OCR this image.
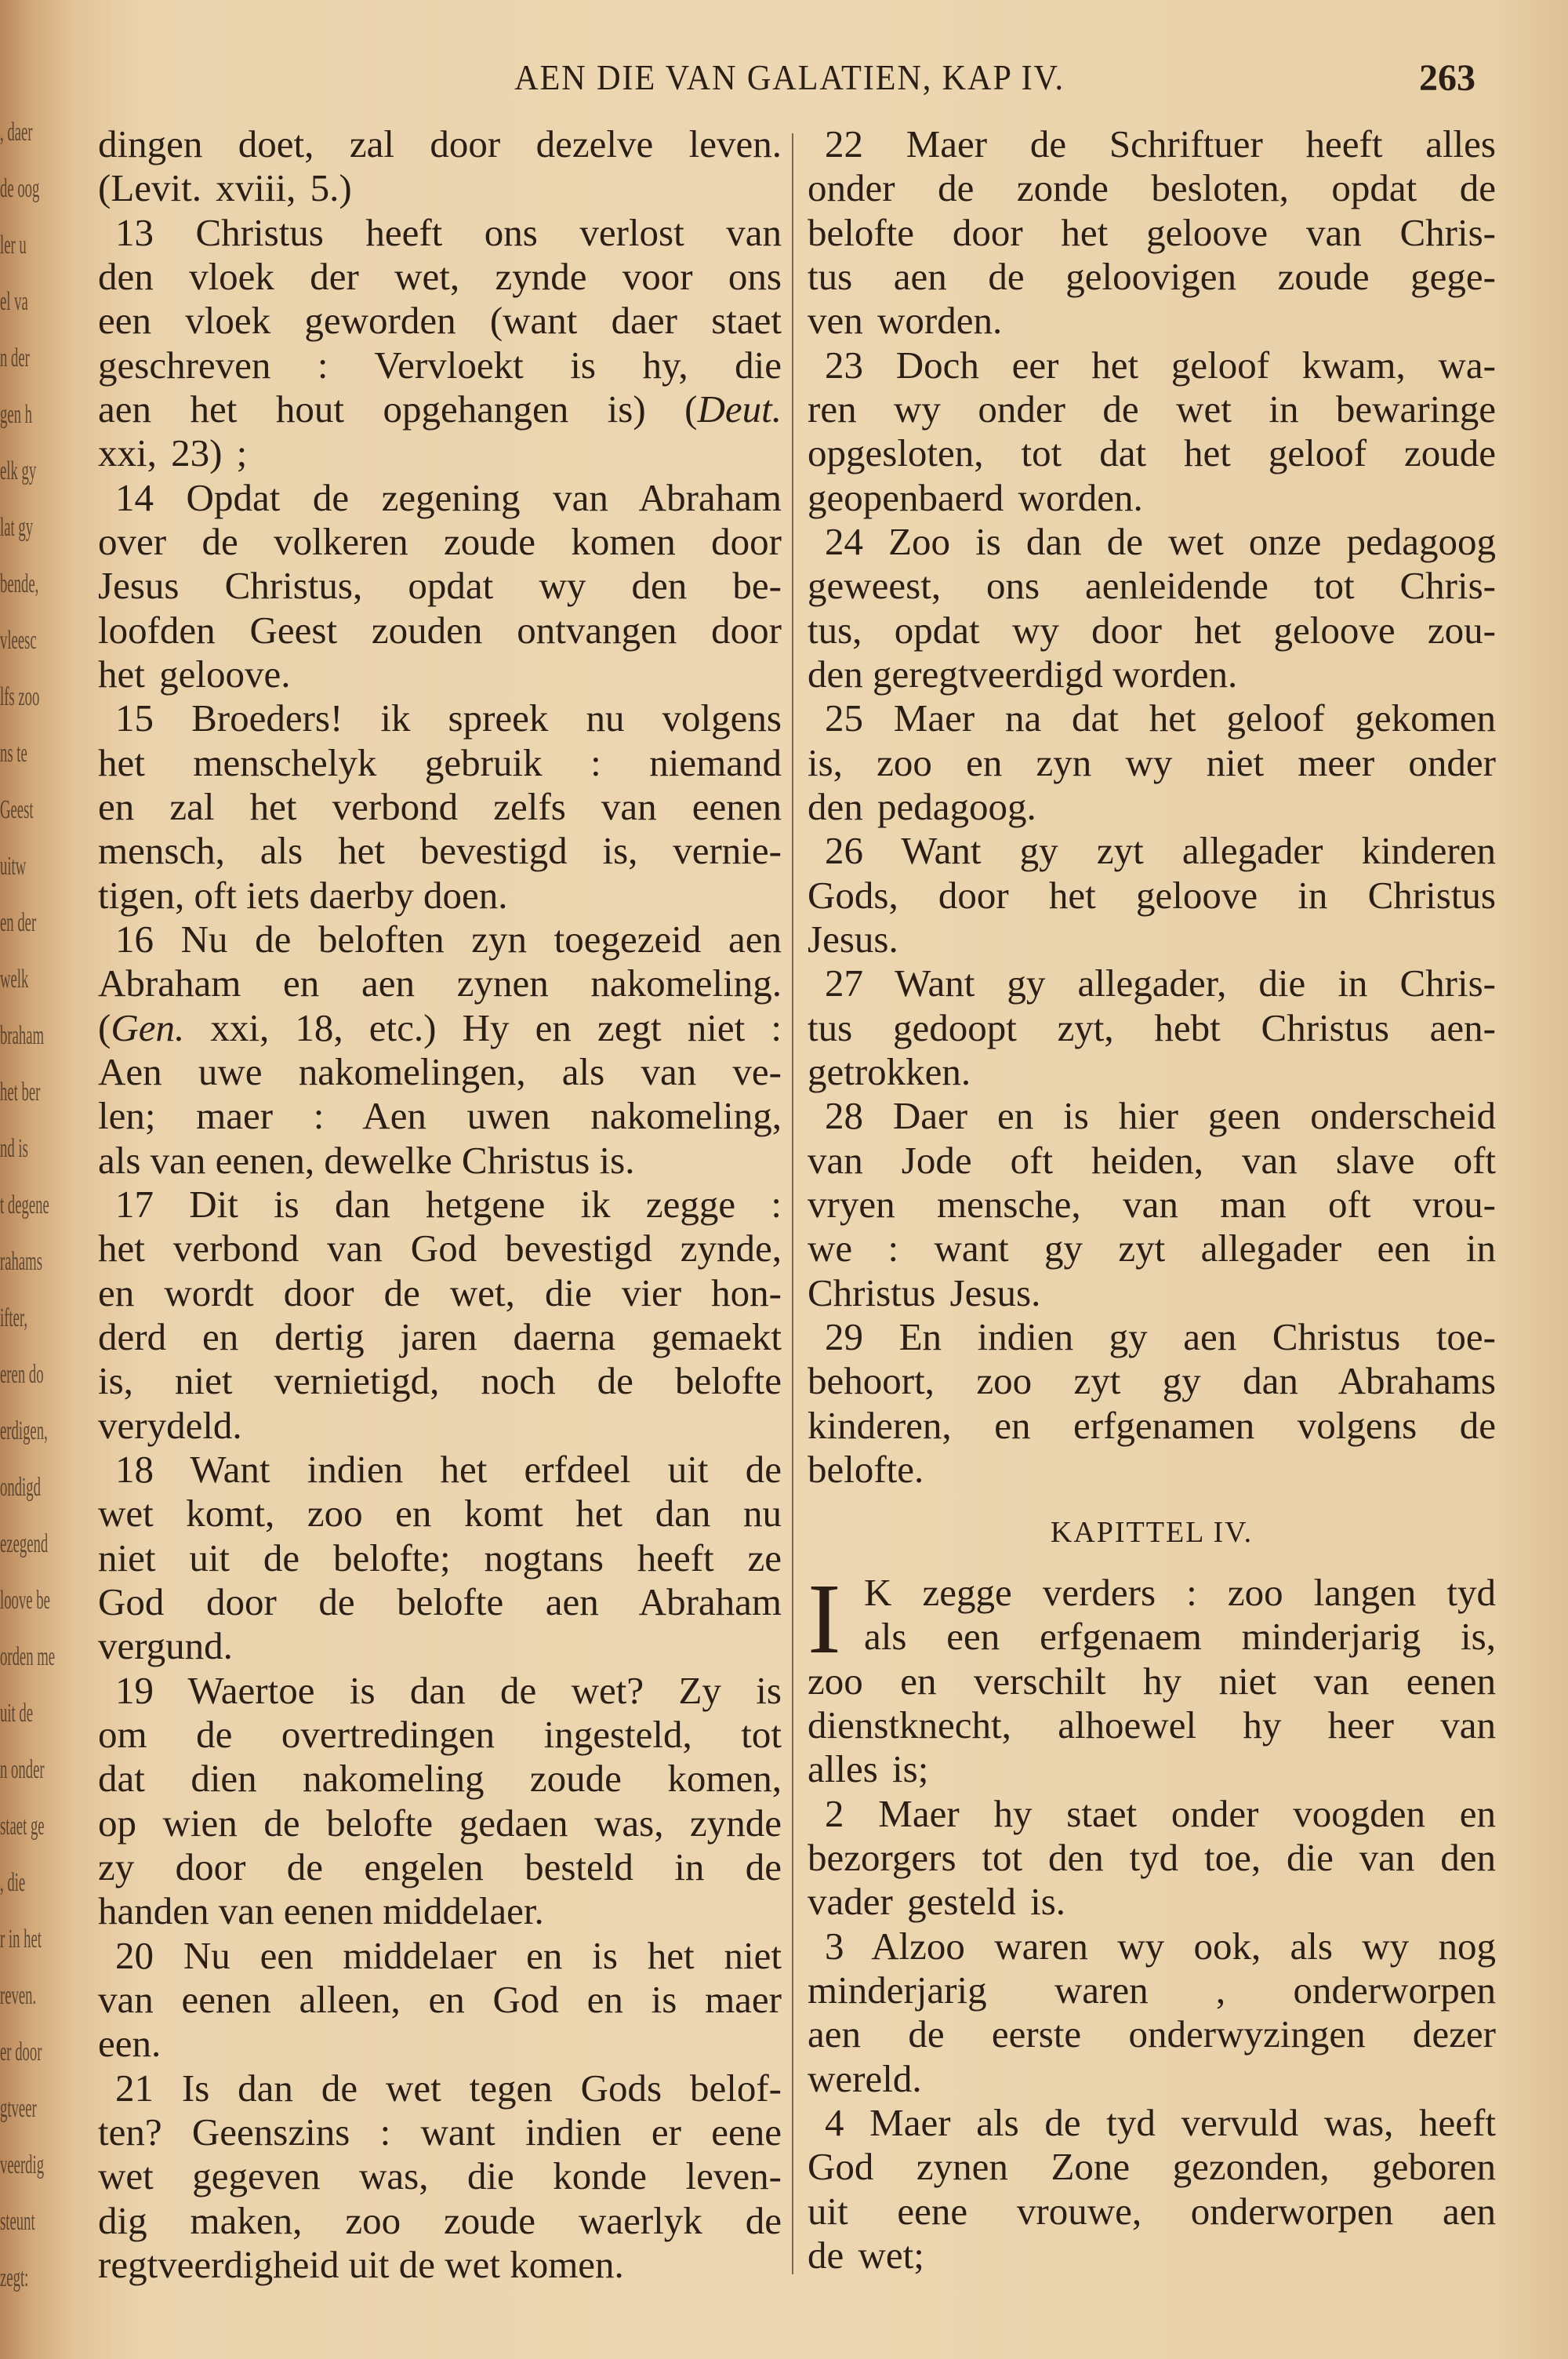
, daer
de oog
ler u
el va
n der
gen h
elk gy
lat gy
bende,
vleesc
lfs zoo
ns te
Geest
uitw
en der
welk
braham
het ber
nd is
t degene
rahams
ifter,
eren do
erdigen,
ondigd
ezegend
loove be
orden me
uit de
n onder
staet ge
, die
r in het
reven.
er door
gtveer
veerdig
steunt
zegt:
AEN DIE VAN GALATIEN, KAP IV.	263
dingen doet, zal door dezelve leven.
(Levit. xviii, 5.)
13 Christus heeft ons verlost van
den vloek der wet, zynde voor ons
een vloek geworden (want daer staet
geschreven : Vervloekt is hy, die
aen het hout opgehangen is) (Deut.
xxi, 23) ;
14 Opdat de zegening van Abraham
over de volkeren zoude komen door
Jesus Christus, opdat wy den be-
loofden Geest zouden ontvangen door
het geloove.
15 Broeders! ik spreek nu volgens
het menschelyk gebruik : niemand
en zal het verbond zelfs van eenen
mensch, als het bevestigd is, vernie-
tigen, oft iets daerby doen.
16 Nu de beloften zyn toegezeid aen
Abraham en aen zynen nakomeling.
(Gen. xxi, 18, etc.) Hy en zegt niet :
Aen uwe nakomelingen, als van ve-
len; maer : Aen uwen nakomeling,
als van eenen, dewelke Christus is.
17 Dit is dan hetgene ik zegge :
het verbond van God bevestigd zynde,
en wordt door de wet, die vier hon-
derd en dertig jaren daerna gemaekt
is, niet vernietigd, noch de belofte
verydeld.
18 Want indien het erfdeel uit de
wet komt, zoo en komt het dan nu
niet uit de belofte; nogtans heeft ze
God door de belofte aen Abraham
vergund.
19 Waertoe is dan de wet? Zy is
om de overtredingen ingesteld, tot
dat dien nakomeling zoude komen,
op wien de belofte gedaen was, zynde
zy door de engelen besteld in de
handen van eenen middelaer.
20 Nu een middelaer en is het niet
van eenen alleen, en God en is maer
een.
21 Is dan de wet tegen Gods belof-
ten? Geenszins : want indien er eene
wet gegeven was, die konde leven-
dig maken, zoo zoude waerlyk de
regtveerdigheid uit de wet komen.
22 Maer de Schriftuer heeft alles
onder de zonde besloten, opdat de
belofte door het geloove van Chris-
tus aen de geloovigen zoude gege-
ven worden.
23 Doch eer het geloof kwam, wa-
ren wy onder de wet in bewaringe
opgesloten, tot dat het geloof zoude
geopenbaerd worden.
24 Zoo is dan de wet onze pedagoog
geweest, ons aenleidende tot Chris-
tus, opdat wy door het geloove zou-
den geregtveerdigd worden.
25 Maer na dat het geloof gekomen
is, zoo en zyn wy niet meer onder
den pedagoog.
26 Want gy zyt allegader kinderen
Gods, door het geloove in Christus
Jesus.
27 Want gy allegader, die in Chris-
tus gedoopt zyt, hebt Christus aen-
getrokken.
28 Daer en is hier geen onderscheid
van Jode oft heiden, van slave oft
vryen mensche, van man oft vrou-
we : want gy zyt allegader een in
Christus Jesus.
29 En indien gy aen Christus toe-
behoort, zoo zyt gy dan Abrahams
kinderen, en erfgenamen volgens de
belofte.
KAPITTEL IV.
I K zegge verders : zoo langen tyd
als een erfgenaem minderjarig is,
zoo en verschilt hy niet van eenen
dienstknecht, alhoewel hy heer van
alles is;
2 Maer hy staet onder voogden en
bezorgers tot den tyd toe, die van den
vader gesteld is.
3 Alzoo waren wy ook, als wy nog
minderjarig waren , onderworpen
aen de eerste onderwyzingen dezer
wereld.
4 Maer als de tyd vervuld was, heeft
God zynen Zone gezonden, geboren
uit eene vrouwe, onderworpen aen
de wet;
